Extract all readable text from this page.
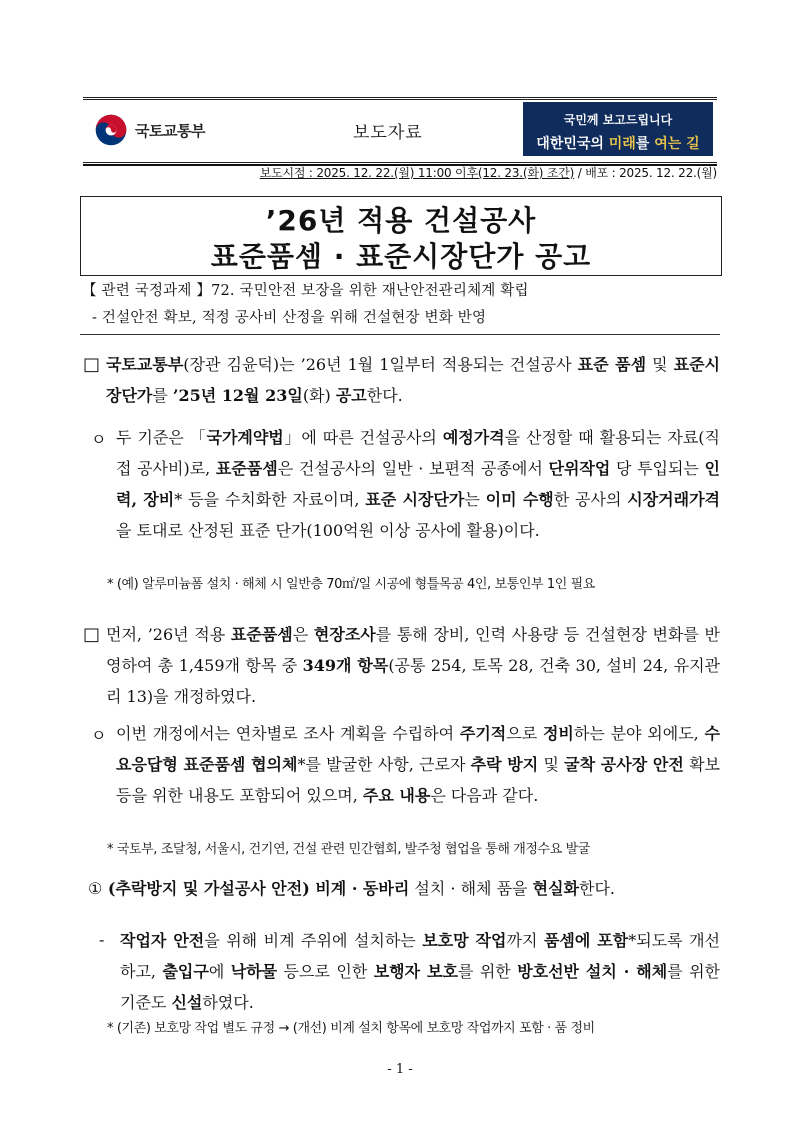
국토교통부	보도자료
국민께 보고드립니다
대한민국의 미래를 여는 길
보도시점 : 2025. 12. 22.(월) 11:00 이후(12. 23.(화) 조간) / 배포 : 2025. 12. 22.(월)
’26년 적용 건설공사
표준품셈 · 표준시장단가 공고
【 관련 국정과제 】72. 국민안전 보장을 위한 재난안전관리체계 확립
- 건설안전 확보, 적정 공사비 산정을 위해 건설현장 변화 반영
□ 국토교통부(장관 김윤덕)는 ’26년 1월 1일부터 적용되는 건설공사 표준 품셈 및 표준시장단가를 ’25년 12월 23일(화) 공고한다.
ㅇ 두 기준은 「국가계약법」에 따른 건설공사의 예정가격을 산정할 때 활용되는 자료(직접 공사비)로, 표준품셈은 건설공사의 일반 · 보편적 공종에서 단위작업 당 투입되는 인력, 장비* 등을 수치화한 자료이며, 표준 시장단가는 이미 수행한 공사의 시장거래가격을 토대로 산정된 표준 단가(100억원 이상 공사에 활용)이다.
* (예) 알루미늄폼 설치 · 해체 시 일반층 70㎡/일 시공에 형틀목공 4인, 보통인부 1인 필요
□ 먼저, ’26년 적용 표준품셈은 현장조사를 통해 장비, 인력 사용량 등 건설현장 변화를 반영하여 총 1,459개 항목 중 349개 항목(공통 254, 토목 28, 건축 30, 설비 24, 유지관리 13)을 개정하였다.
ㅇ 이번 개정에서는 연차별로 조사 계획을 수립하여 주기적으로 정비하는 분야 외에도, 수요응답형 표준품셈 협의체*를 발굴한 사항, 근로자 추락 방지 및 굴착 공사장 안전 확보 등을 위한 내용도 포함되어 있으며, 주요 내용은 다음과 같다.
* 국토부, 조달청, 서울시, 건기연, 건설 관련 민간협회, 발주청 협업을 통해 개정수요 발굴
① (추락방지 및 가설공사 안전) 비계 · 동바리 설치 · 해체 품을 현실화한다.
- 작업자 안전을 위해 비계 주위에 설치하는 보호망 작업까지 품셈에 포함*되도록 개선하고, 출입구에 낙하물 등으로 인한 보행자 보호를 위한 방호선반 설치 · 해체를 위한 기준도 신설하였다.
* (기존) 보호망 작업 별도 규정 → (개선) 비계 설치 항목에 보호망 작업까지 포함 · 품 정비
- 1 -
